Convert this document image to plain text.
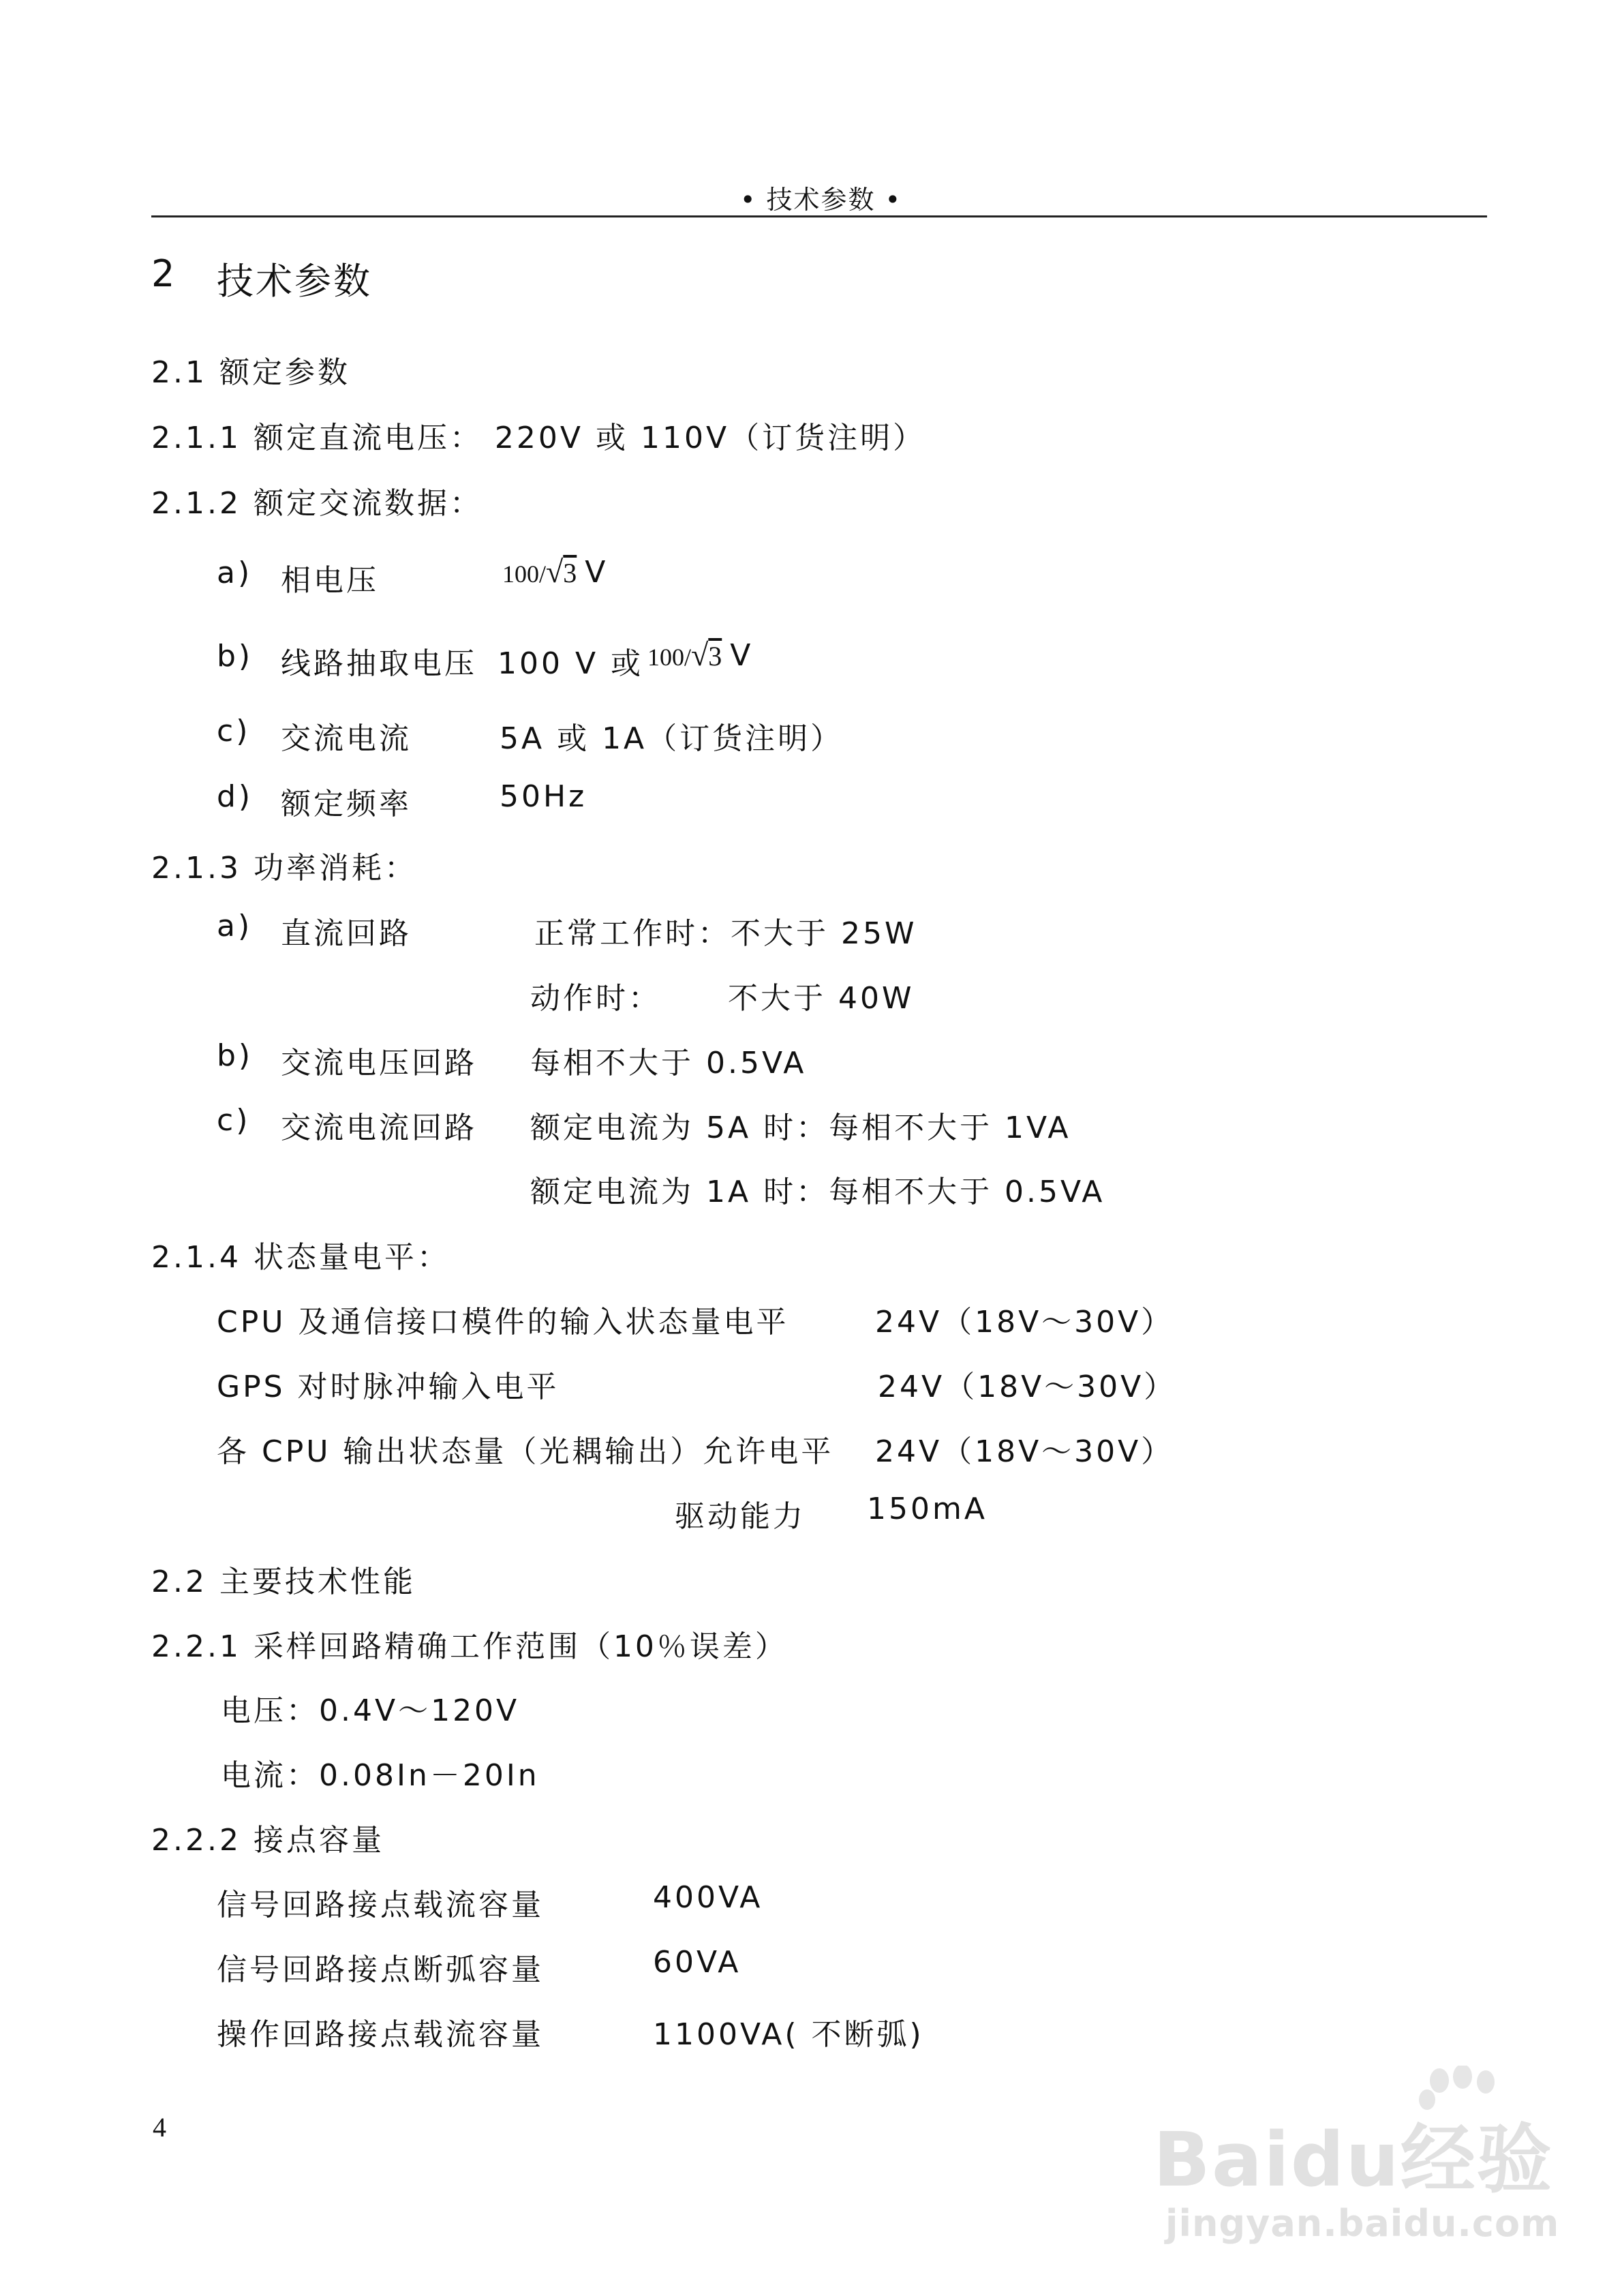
• 技术参数 •
2 技术参数
2.1 额定参数
2.1.1 额定直流电压： 220V 或 110V（订货注明）
2.1.2 额定交流数据：
a) 相电压	100/√3 V
b) 线路抽取电压 100 V 或 100/√3 V
c) 交流电流	5A 或 1A（订货注明）
d) 额定频率	50Hz
2.1.3 功率消耗：
a) 直流回路	正常工作时：不大于 25W
动作时： 不大于 40W
b) 交流电压回路 每相不大于 0.5VA
c) 交流电流回路 额定电流为 5A 时：每相不大于 1VA
额定电流为 1A 时：每相不大于 0.5VA
2.1.4 状态量电平：
CPU 及通信接口模件的输入状态量电平	24V（18V～30V）
GPS 对时脉冲输入电平	24V（18V～30V）
各 CPU 输出状态量（光耦输出）允许电平 24V（18V～30V）
驱动能力 150mA
2.2 主要技术性能
2.2.1 采样回路精确工作范围（10％误差）
电压：0.4V～120V
电流：0.08In－20In
2.2.2 接点容量
信号回路接点载流容量	400VA
信号回路接点断弧容量	60VA
操作回路接点载流容量	1100VA( 不断弧)
4	Baidu经验
jingyan.baidu.com
